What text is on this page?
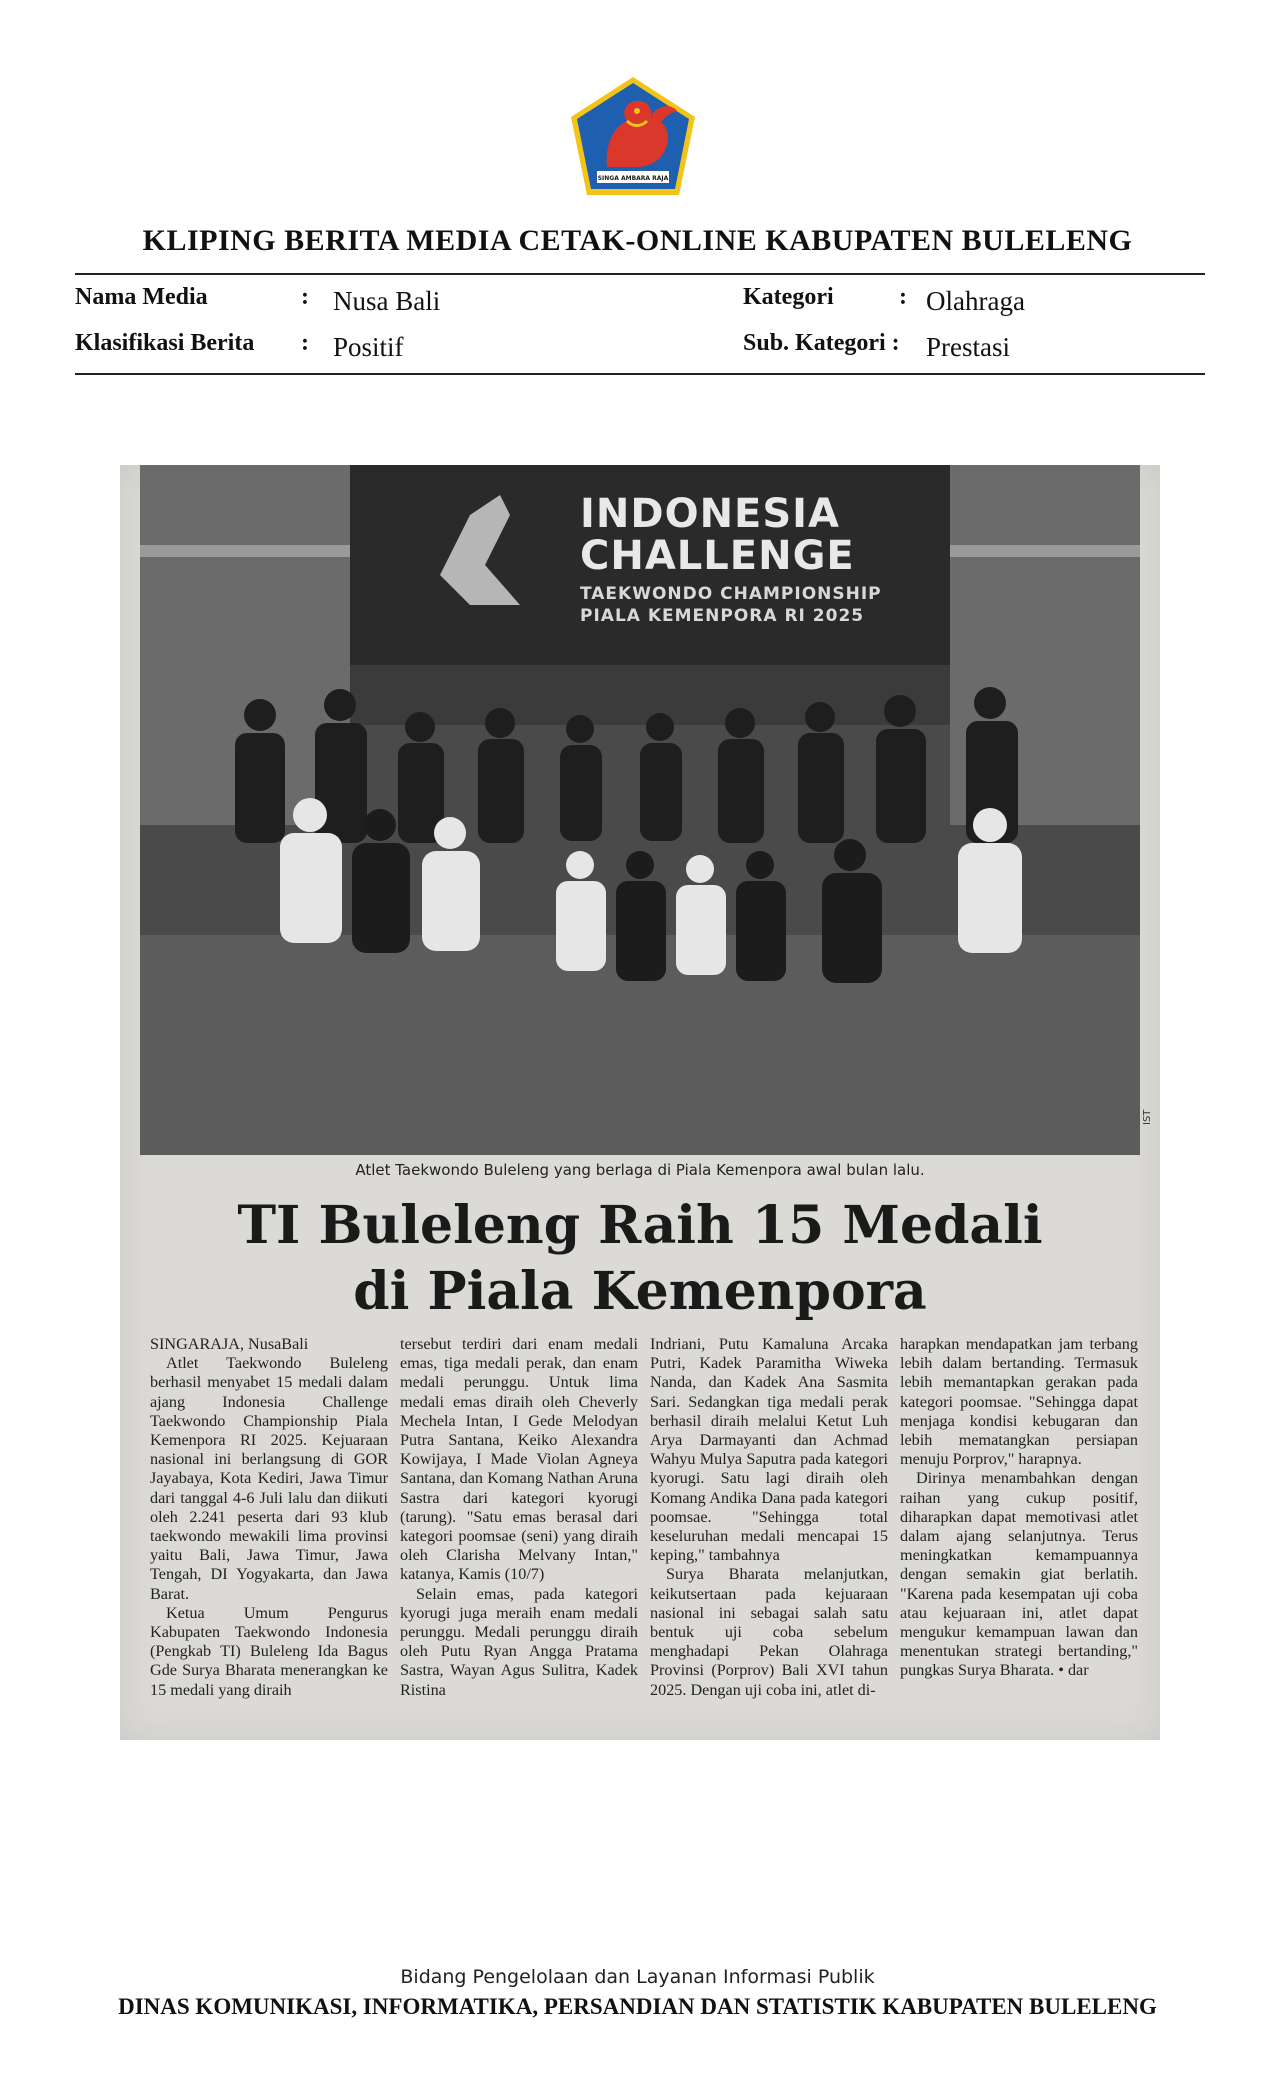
SINGA AMBARA RAJA
KLIPING BERITA MEDIA CETAK-ONLINE KABUPATEN BULELENG
Nama Media	: Nusa Bali
Klasifikasi Berita : Positif
Kategori	: Olahraga
Sub. Kategori : Prestasi
INDONESIA
CHALLENGE
TAEKWONDO CHAMPIONSHIP
PIALA KEMENPORA RI 2025
IST
Atlet Taekwondo Buleleng yang berlaga di Piala Kemenpora awal bulan lalu.
TI Buleleng Raih 15 Medali
di Piala Kemenpora

SINGARAJA, NusaBali

Atlet Taekwondo Buleleng berhasil menyabet 15 medali dalam ajang Indonesia Challenge Taekwondo Championship Piala Kemenpora RI 2025. Kejuaraan nasional ini berlangsung di GOR Jayabaya, Kota Kediri, Jawa Timur dari tanggal 4-6 Juli lalu dan diikuti oleh 2.241 peserta dari 93 klub taekwondo mewakili lima provinsi yaitu Bali, Jawa Timur, Jawa Tengah, DI Yogyakarta, dan Jawa Barat.

Ketua Umum Pengurus Kabupaten Taekwondo Indonesia (Pengkab TI) Buleleng Ida Bagus Gde Surya Bharata menerangkan ke 15 medali yang diraih

tersebut terdiri dari enam medali emas, tiga medali perak, dan enam medali perunggu. Untuk lima medali emas diraih oleh Cheverly Mechela Intan, I Gede Melodyan Putra Santana, Keiko Alexandra Kowijaya, I Made Violan Agneya Santana, dan Komang Nathan Aruna Sastra dari kategori kyorugi (tarung). "Satu emas berasal dari kategori poomsae (seni) yang diraih oleh Clarisha Melvany Intan," katanya, Kamis (10/7)

Selain emas, pada kategori kyorugi juga meraih enam medali perunggu. Medali perunggu diraih oleh Putu Ryan Angga Pratama Sastra, Wayan Agus Sulitra, Kadek Ristina

Indriani, Putu Kamaluna Arcaka Putri, Kadek Paramitha Wiweka Nanda, dan Kadek Ana Sasmita Sari. Sedangkan tiga medali perak berhasil diraih melalui Ketut Luh Arya Darmayanti dan Achmad Wahyu Mulya Saputra pada kategori kyorugi. Satu lagi diraih oleh Komang Andika Dana pada kategori poomsae. "Sehingga total keseluruhan medali mencapai 15 keping," tambahnya

Surya Bharata melanjutkan, keikutsertaan pada kejuaraan nasional ini sebagai salah satu bentuk uji coba sebelum menghadapi Pekan Olahraga Provinsi (Porprov) Bali XVI tahun 2025. Dengan uji coba ini, atlet di-

harapkan mendapatkan jam terbang lebih dalam bertanding. Termasuk lebih memantapkan gerakan pada kategori poomsae. "Sehingga dapat menjaga kondisi kebugaran dan lebih mematangkan persiapan menuju Porprov," harapnya.

Dirinya menambahkan dengan raihan yang cukup positif, diharapkan dapat memotivasi atlet dalam ajang selanjutnya. Terus meningkatkan kemampuannya dengan semakin giat berlatih. "Karena pada kesempatan uji coba atau kejuaraan ini, atlet dapat mengukur kemampuan lawan dan menentukan strategi bertanding," pungkas Surya Bharata. • dar

Bidang Pengelolaan dan Layanan Informasi Publik
DINAS KOMUNIKASI, INFORMATIKA, PERSANDIAN DAN STATISTIK KABUPATEN BULELENG
